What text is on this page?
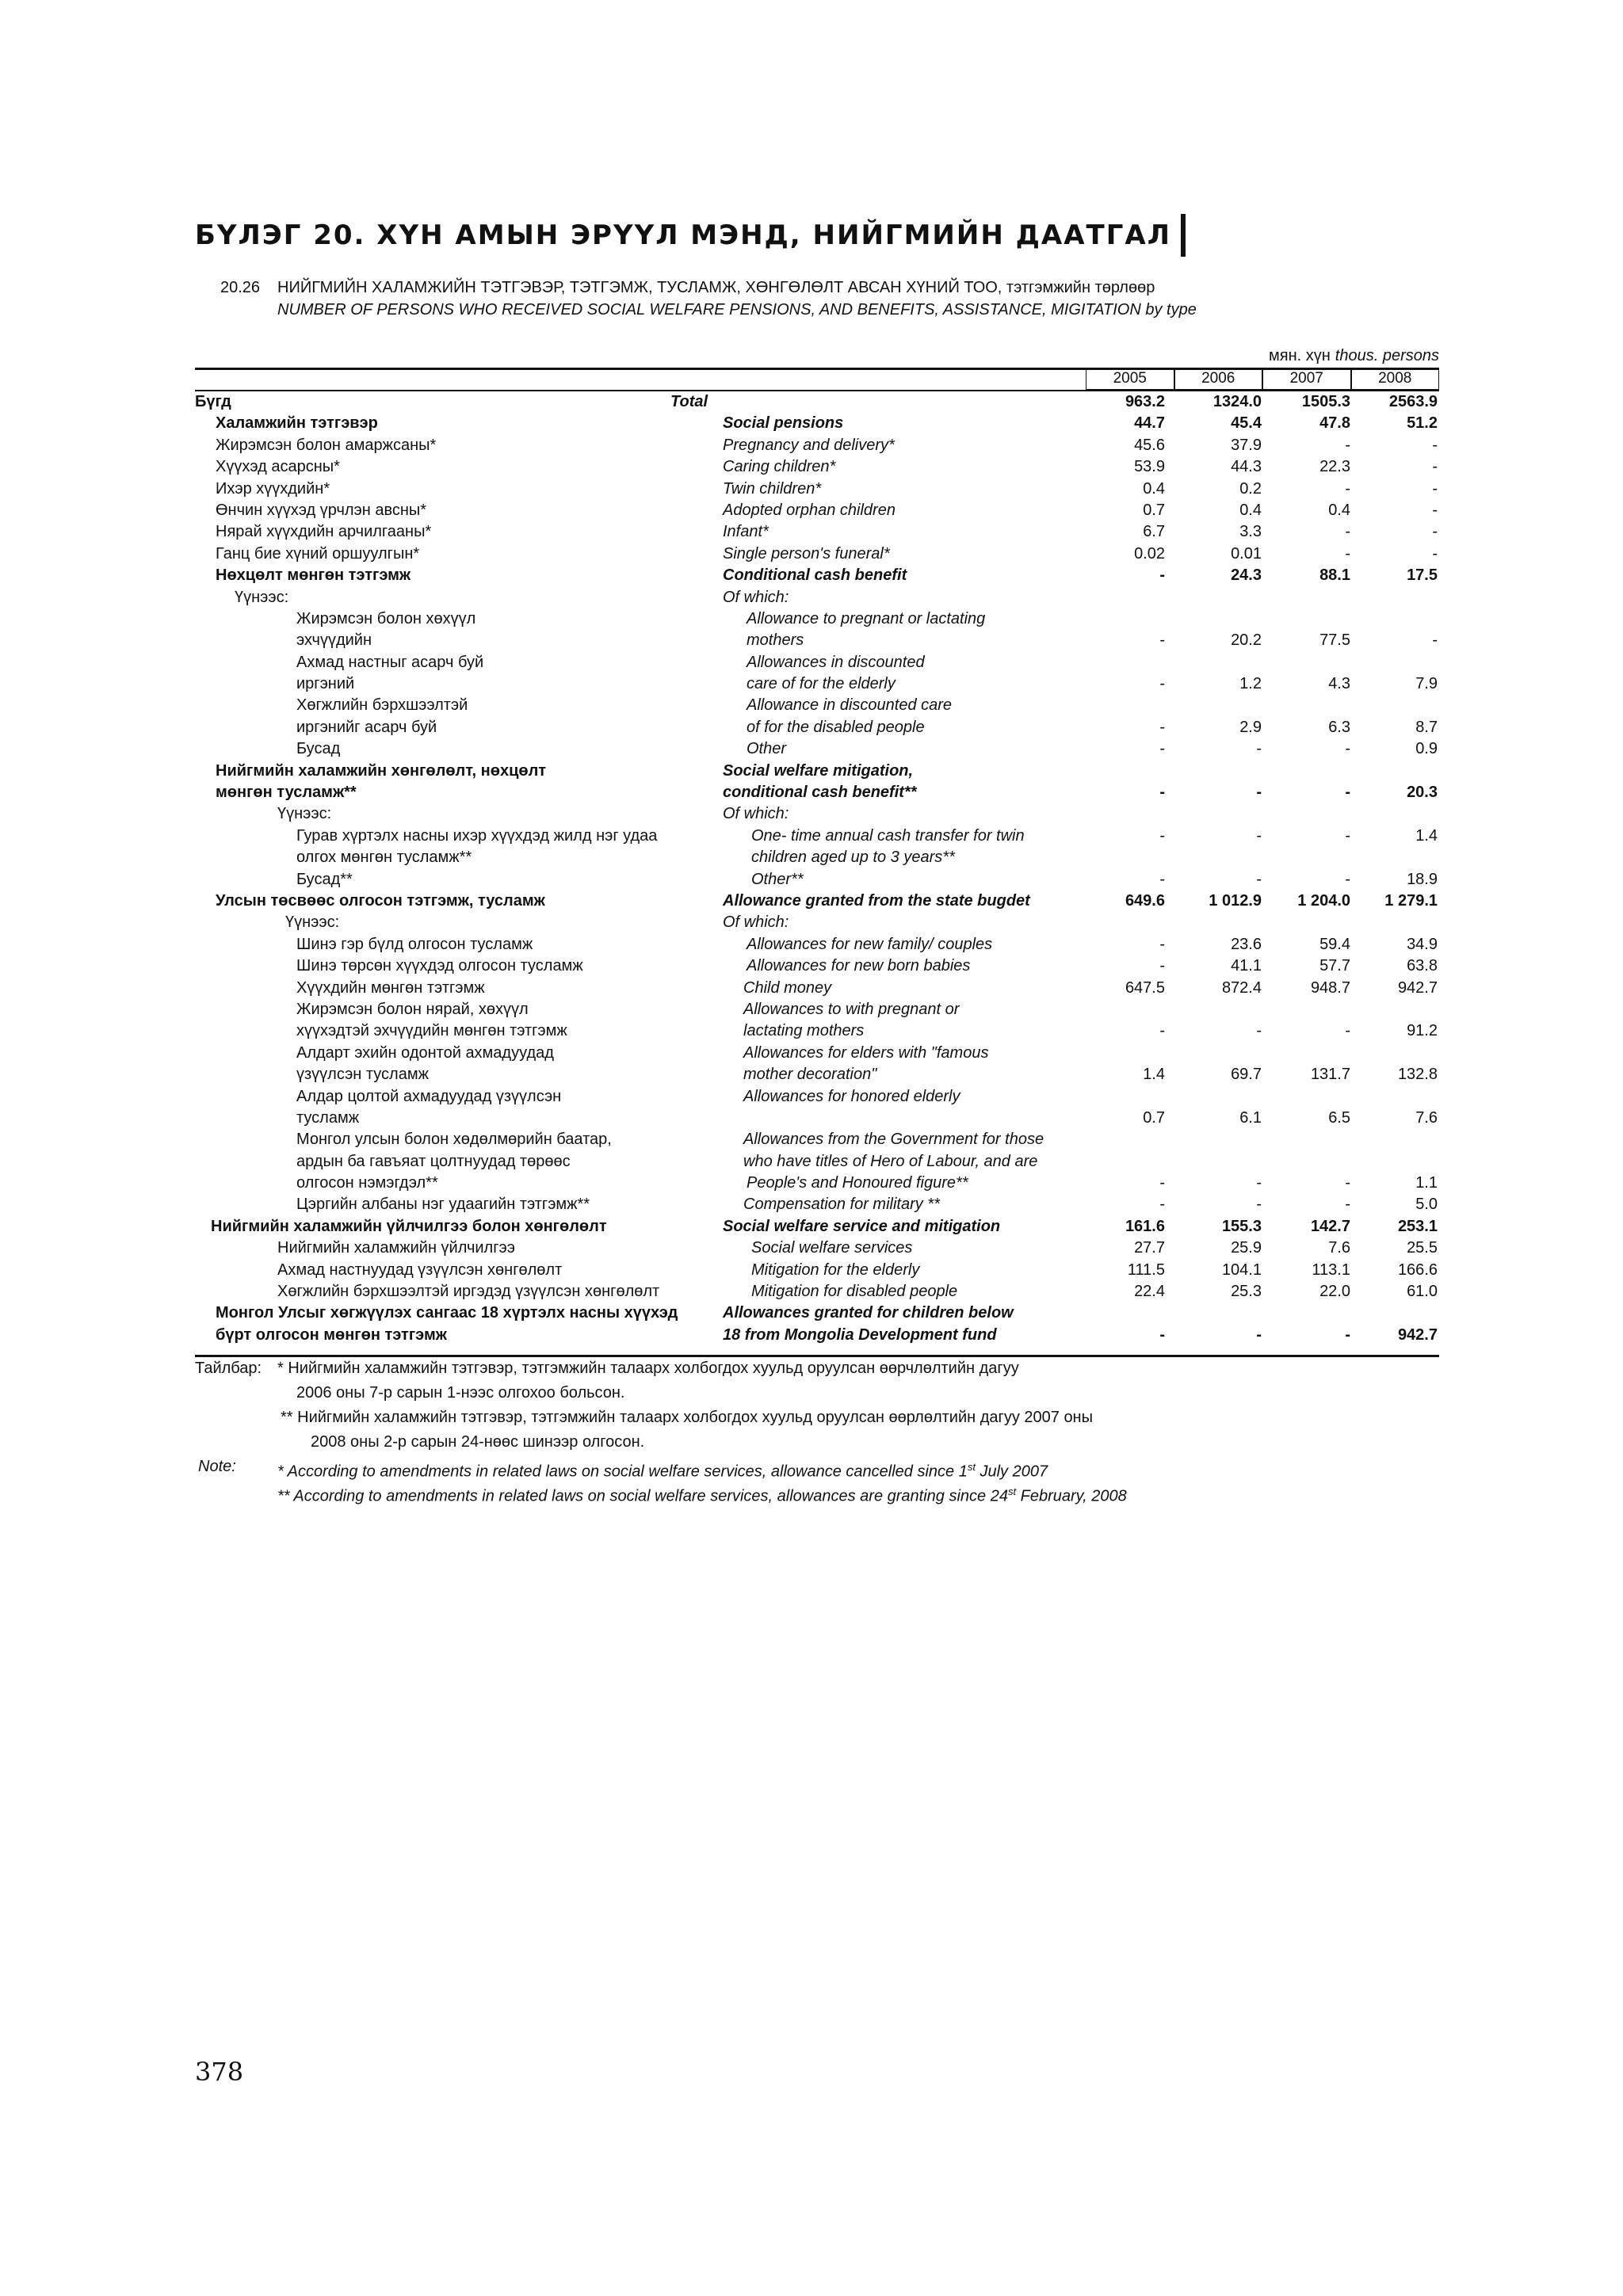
БҮЛЭГ 20. ХҮН АМЫН ЭРҮҮЛ МЭНД, НИЙГМИЙН ДААТГАЛ
20.26 НИЙГМИЙН ХАЛАМЖИЙН ТЭТГЭВЭР, ТЭТГЭМЖ, ТУСЛАМЖ, ХӨНГӨЛӨЛТ АВСАН ХҮНИЙ ТОО, тэтгэмжийн төрлөөр
NUMBER OF PERSONS WHO RECEIVED SOCIAL WELFARE PENSIONS, AND BENEFITS, ASSISTANCE, MIGITATION by type
мян. хүн thous. persons
2005	2006	2007	2008
Бүгд	Total	963.2	1324.0	1505.3	2563.9
Халамжийн тэтгэвэр	Social pensions	44.7	45.4	47.8	51.2
Жирэмсэн болон амаржсаны*	Pregnancy and delivery*	45.6	37.9	-	-
Хүүхэд асарсны*	Caring children*	53.9	44.3	22.3	-
Ихэр хүүхдийн*	Twin children*	0.4	0.2	-	-
Өнчин хүүхэд үрчлэн авсны*	Adopted orphan children	0.7	0.4	0.4	-
Нярай хүүхдийн арчилгааны*	Infant*	6.7	3.3	-	-
Ганц бие хүний оршуулгын*	Single person's funeral*	0.02	0.01	-	-
Нөхцөлт мөнгөн тэтгэмж	Conditional cash benefit	-	24.3	88.1	17.5
Үүнээс:	Of which:
Жирэмсэн болон хөхүүл	Allowance to pregnant or lactating
эхчүүдийн	mothers	-	20.2	77.5	-
Ахмад настныг асарч буй	Allowances in discounted
иргэний	care of for the elderly	-	1.2	4.3	7.9
Хөгжлийн бэрхшээлтэй	Allowance in discounted care
иргэнийг асарч буй	of for the disabled people	-	2.9	6.3	8.7
Бусад	Other	-	-	-	0.9
Нийгмийн халамжийн хөнгөлөлт, нөхцөлт	Social welfare mitigation,
мөнгөн тусламж**	conditional cash benefit**	-	-	-	20.3
Үүнээс:	Of which:
Гурав хүртэлх насны ихэр хүүхдэд жилд нэг удаа	One- time annual cash transfer for twin	-	-	-	1.4
олгох мөнгөн тусламж**	children aged up to 3 years**
Бусад**	Other**	-	-	-	18.9
Улсын төсвөөс олгосон тэтгэмж, тусламж	Allowance granted from the state bugdet	649.6	1 012.9	1 204.0	1 279.1
Үүнээс:	Of which:
Шинэ гэр бүлд олгосон тусламж	Allowances for new family/ couples	-	23.6	59.4	34.9
Шинэ төрсөн хүүхдэд олгосон тусламж	Allowances for new born babies	-	41.1	57.7	63.8
Хүүхдийн мөнгөн тэтгэмж	Child money	647.5	872.4	948.7	942.7
Жирэмсэн болон нярай, хөхүүл	Allowances to with pregnant or
хүүхэдтэй эхчүүдийн мөнгөн тэтгэмж	lactating mothers	-	-	-	91.2
Алдарт эхийн одонтой ахмадуудад	Allowances for elders with "famous
үзүүлсэн тусламж	mother decoration"	1.4	69.7	131.7	132.8
Алдар цолтой ахмадуудад үзүүлсэн	Allowances for honored elderly
тусламж	0.7	6.1	6.5	7.6
Монгол улсын болон хөдөлмөрийн баатар,	Allowances from the Government for those
ардын ба гавъяат цолтнуудад төрөөс	who have titles of Hero of Labour, and are
олгосон нэмэгдэл**	People's and Honoured figure**	-	-	-	1.1
Цэргийн албаны нэг удаагийн тэтгэмж**	Compensation for military **	-	-	-	5.0
Нийгмийн халамжийн үйлчилгээ болон хөнгөлөлт	Social welfare service and mitigation	161.6	155.3	142.7	253.1
Нийгмийн халамжийн үйлчилгээ	Social welfare services	27.7	25.9	7.6	25.5
Ахмад настнуудад үзүүлсэн хөнгөлөлт	Mitigation for the elderly	111.5	104.1	113.1	166.6
Хөгжлийн бэрхшээлтэй иргэдэд үзүүлсэн хөнгөлөлт	Mitigation for disabled people	22.4	25.3	22.0	61.0
Монгол Улсыг хөгжүүлэх сангаас 18 хүртэлх насны хүүхэд	Allowances granted for children below
бүрт олгосон мөнгөн тэтгэмж	18 from Mongolia Development fund	-	-	-	942.7
Тайлбар: * Нийгмийн халамжийн тэтгэвэр, тэтгэмжийн талаарх холбогдох хуульд оруулсан өөрчлөлтийн дагуу
2006 оны 7-р сарын 1-нээс олгохоо больсон.
** Нийгмийн халамжийн тэтгэвэр, тэтгэмжийн талаарх холбогдох хуульд оруулсан өөрлөлтийн дагуу 2007 оны
2008 оны 2-р сарын 24-нөөс шинээр олгосон.
Note:	* According to amendments in related laws on social welfare services, allowance cancelled since 1st July 2007
** According to amendments in related laws on social welfare services, allowances are granting since 24st February, 2008
378
